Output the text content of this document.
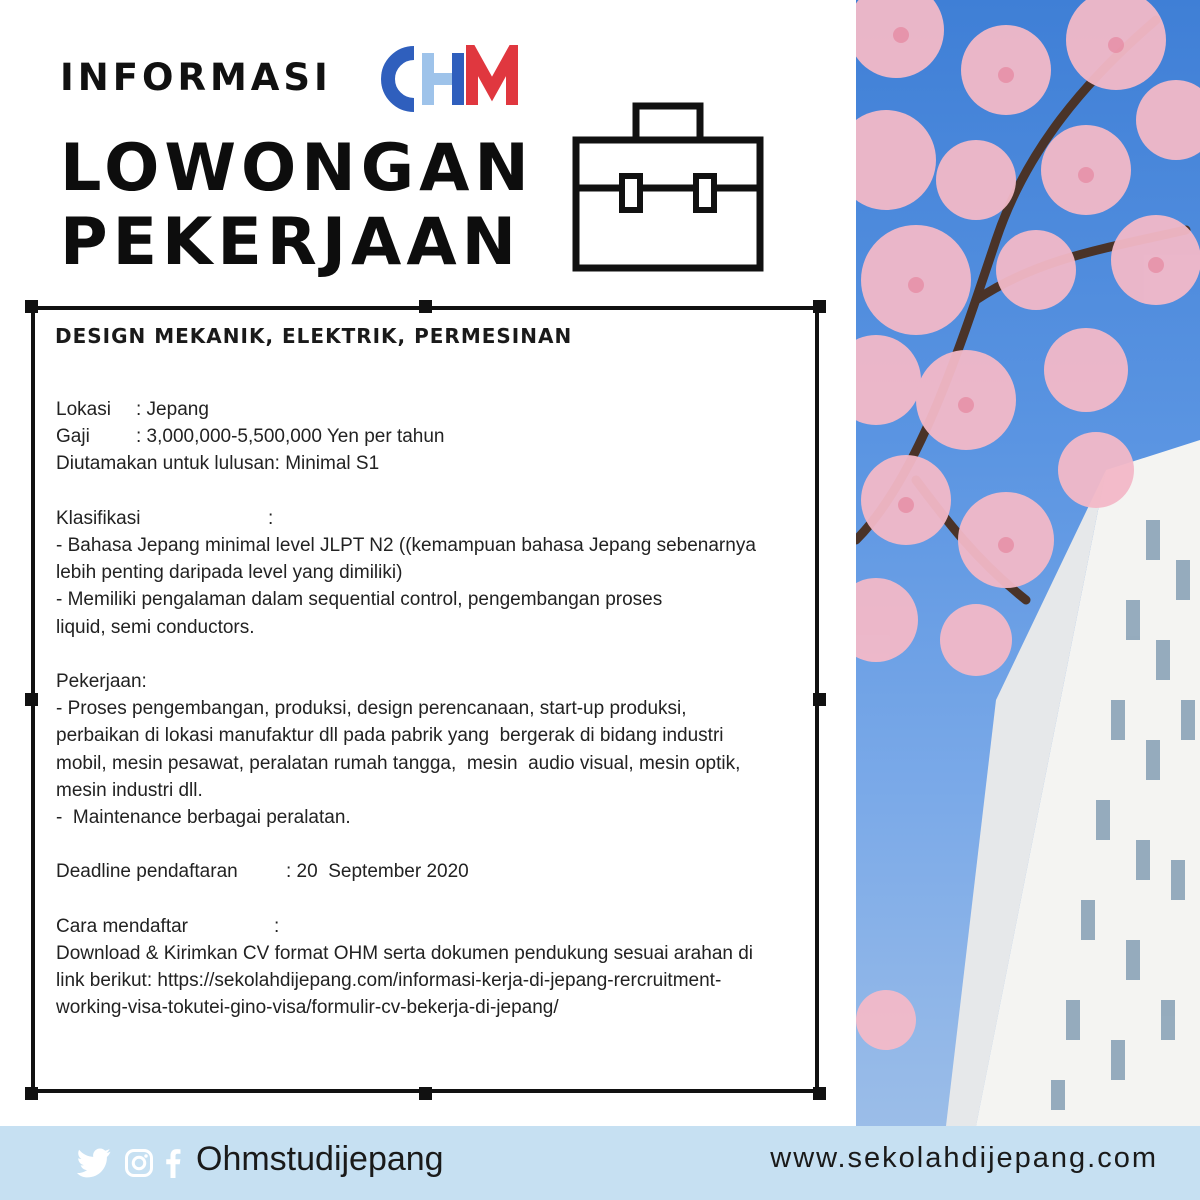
INFORMASI
LOWONGAN
PEKERJAAN
DESIGN MEKANIK, ELEKTRIK, PERMESINAN
Lokasi : Jepang
Gaji : 3,000,000-5,500,000 Yen per tahun
Diutamakan untuk lulusan: Minimal S1
Klasifikasi	:
- Bahasa Jepang minimal level JLPT N2 ((kemampuan bahasa Jepang sebenarnya
lebih penting daripada level yang dimiliki)
- Memiliki pengalaman dalam sequential control, pengembangan proses
liquid, semi conductors.
Pekerjaan:
- Proses pengembangan, produksi, design perencanaan, start-up produksi,
perbaikan di lokasi manufaktur dll pada pabrik yang  bergerak di bidang industri
mobil, mesin pesawat, peralatan rumah tangga,  mesin  audio visual, mesin optik,
mesin industri dll.
-  Maintenance berbagai peralatan.
Deadline pendaftaran	: 20  September 2020
Cara mendaftar	:
Download & Kirimkan CV format OHM serta dokumen pendukung sesuai arahan di
link berikut: https://sekolahdijepang.com/informasi-kerja-di-jepang-rercruitment-
working-visa-tokutei-gino-visa/formulir-cv-bekerja-di-jepang/
Ohmstudijepang	www.sekolahdijepang.com
